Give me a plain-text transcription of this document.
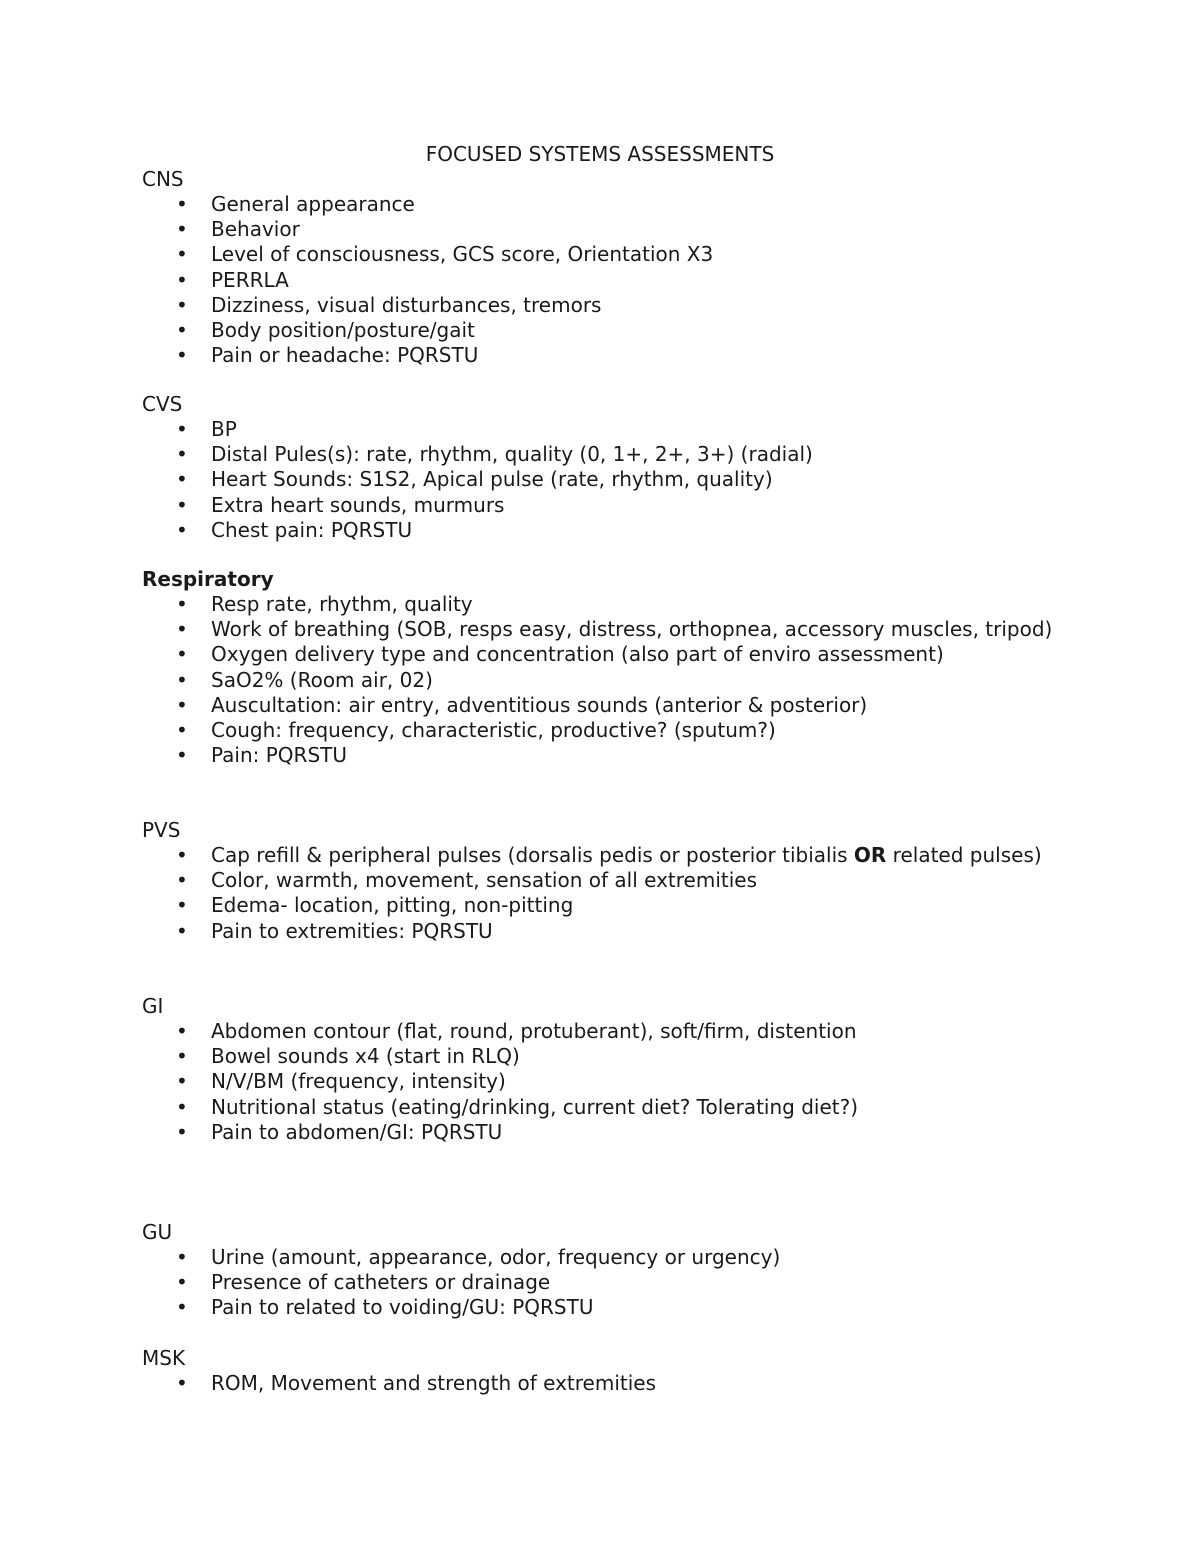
FOCUSED SYSTEMS ASSESSMENTS
CNS
• General appearance
• Behavior
• Level of consciousness, GCS score, Orientation X3
• PERRLA
• Dizziness, visual disturbances, tremors
• Body position/posture/gait
• Pain or headache: PQRSTU
CVS
• BP
• Distal Pules(s): rate, rhythm, quality (0, 1+, 2+, 3+) (radial)
• Heart Sounds: S1S2, Apical pulse (rate, rhythm, quality)
• Extra heart sounds, murmurs
• Chest pain: PQRSTU
Respiratory
• Resp rate, rhythm, quality
• Work of breathing (SOB, resps easy, distress, orthopnea, accessory muscles, tripod)
• Oxygen delivery type and concentration (also part of enviro assessment)
• SaO2% (Room air, 02)
• Auscultation: air entry, adventitious sounds (anterior & posterior)
• Cough: frequency, characteristic, productive? (sputum?)
• Pain: PQRSTU
PVS
• Cap refill & peripheral pulses (dorsalis pedis or posterior tibialis OR related pulses)
• Color, warmth, movement, sensation of all extremities
• Edema- location, pitting, non-pitting
• Pain to extremities: PQRSTU
GI
• Abdomen contour (flat, round, protuberant), soft/firm, distention
• Bowel sounds x4 (start in RLQ)
• N/V/BM (frequency, intensity)
• Nutritional status (eating/drinking, current diet? Tolerating diet?)
• Pain to abdomen/GI: PQRSTU
GU
• Urine (amount, appearance, odor, frequency or urgency)
• Presence of catheters or drainage
• Pain to related to voiding/GU: PQRSTU
MSK
• ROM, Movement and strength of extremities
